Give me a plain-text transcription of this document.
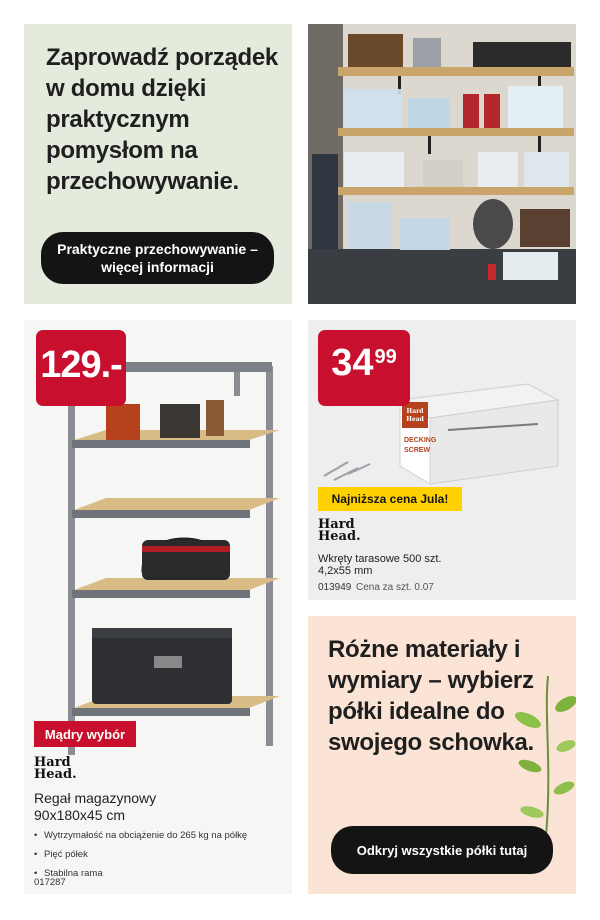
Zaprowadź porządek w domu dzięki praktycznym pomysłom na przechowywanie.
Praktyczne przechowywanie – więcej informacji
129.-
Mądry wybór
Hard
Head.
Regał magazynowy
90x180x45 cm
• Wytrzymałość na obciążenie do 265 kg na półkę
• Pięć półek
• Stabilna rama
017287
Hard
Head
DECKING
SCREW
34 99
Najniższa cena Jula!
Hard
Head.
Wkręty tarasowe 500 szt.
4,2x55 mm
013949 Cena za szt. 0.07
Różne materiały i wymiary – wybierz półki idealne do swojego schowka.
Odkryj wszystkie półki tutaj
